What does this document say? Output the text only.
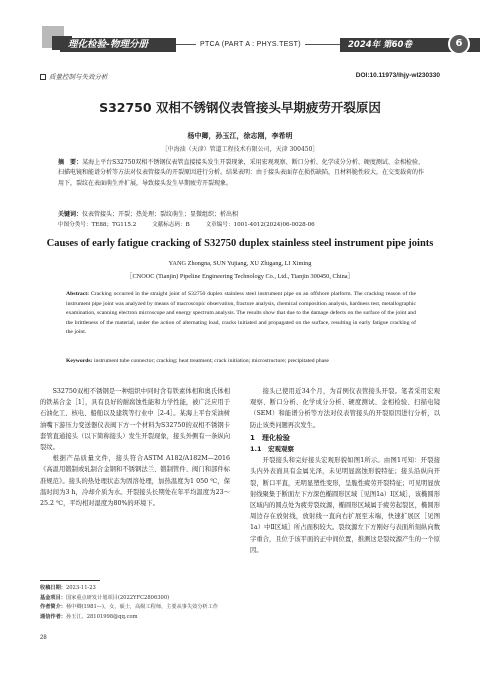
理化检验-物理分册	PTCA (PART A : PHYS.TEST)	2024年 第60卷	6
质量控制与失效分析	DOI:10.11973/lhjy-wl230330
S32750 双相不锈钢仪表管接头早期疲劳开裂原因
杨中卿，孙玉江，徐志刚，李希明
［中海油（天津）管道工程技术有限公司，天津 300450］
摘　要：某海上平台S32750双相不锈钢仪表管直接接头发生开裂现象，采用宏观观察、断口分析、化学成分分析、硬度测试、金相检验、扫描电镜和能谱分析等方法对仪表管接头的开裂原因进行分析。结果表明：由于接头表面存在损伤缺陷，且材料脆性较大，在交变载荷的作用下，裂纹在表面萌生并扩展，导致接头发生早期疲劳开裂现象。
关键词：仪表管接头；开裂；热处理；裂纹萌生；显微组织；析出相
中图分类号：TE88；TG115.2	文献标志码：B	文章编号：1001-4012(2024)06-0028-06
Causes of early fatigue cracking of S32750 duplex stainless steel instrument pipe joints
YANG Zhongna, SUN Yujiang, XU Zhigang, LI Ximing
［CNOOC (Tianjin) Pipeline Engineering Technology Co., Ltd., Tianjin 300450, China］
Abstract: Cracking occurred in the straight joint of S32750 duplex stainless steel instrument pipe on an offshore platform. The cracking reason of the instrument pipe joint was analyzed by means of macroscopic observation, fracture analysis, chemical composition analysis, hardness test, metallographic examination, scanning electron microscope and energy spectrum analysis. The results show that due to the damage defects on the surface of the joint and the brittleness of the material, under the action of alternating load, cracks initiated and propagated on the surface, resulting in early fatigue cracking of the joint.
Keywords: instrument tube connector; cracking; heat treatment; crack initiation; microstructure; precipitated phase

S32750双相不锈钢是一种组织中同时含有铁素体相和奥氏体相的铁基合金［1］，具有良好的耐腐蚀性能和力学性能，被广泛应用于石油化工、核电、船舶以及建筑等行业中［2-4］。某海上平台采油树油嘴下游压力变送器仪表阀下方一个材料为S32750的双相不锈钢卡套管直通接头（以下简称接头）发生开裂现象，接头外侧有一条纵向裂纹。

根据产品质量文件，接头符合ASTM A182/A182M—2016《高温用锻制或轧制合金钢和不锈钢法兰、锻制管件、阀门和部件标准规范》。接头的热处理状态为固溶处理，加热温度为1 050 ℃，保温时间为3 h，冷却介质为水。开裂接头长期处在年平均温度为23～25.2 ℃，平均相对湿度为80%的环境下。

接头已使用近34个月，为首例仪表管接头开裂。笔者采用宏观观察、断口分析、化学成分分析、硬度测试、金相检验、扫描电镜（SEM）和能谱分析等方法对仪表管接头的开裂原因进行分析，以防止该类问题再次发生。

1　理化检验

1.1　宏观观察

开裂接头和完好接头宏观形貌如图1所示。由图1可知：开裂接头内外表面具有金属光泽，未见明显腐蚀形貌特征；接头沿纵向开裂，断口平直，无明显塑性变形，呈脆性疲劳开裂特征；可见明显放射线聚集于断面左下方深色椭圆形区域［见图1a）Ⅰ区域］，该椭圆形区域内的圆点处为疲劳裂纹源，椭圆形区域属于疲劳起裂区，椭圆形周边存在放射线，放射线一直向右扩展至末端，快速扩展区［见图1a）中Ⅱ区域］所占面积较大。裂纹源左下方刚好与表面所刻纵向数字重合，且位于该平面的正中间位置，推测这是裂纹源产生的一个原因。

收稿日期：2023-11-23
基金项目：国家重点研发计划项目(2022YFC2806300)
作者简介：杨中卿(1981—)，女，硕士，高级工程师，主要从事失效分析工作
通信作者：孙玉江，28101998@qq.com
28
